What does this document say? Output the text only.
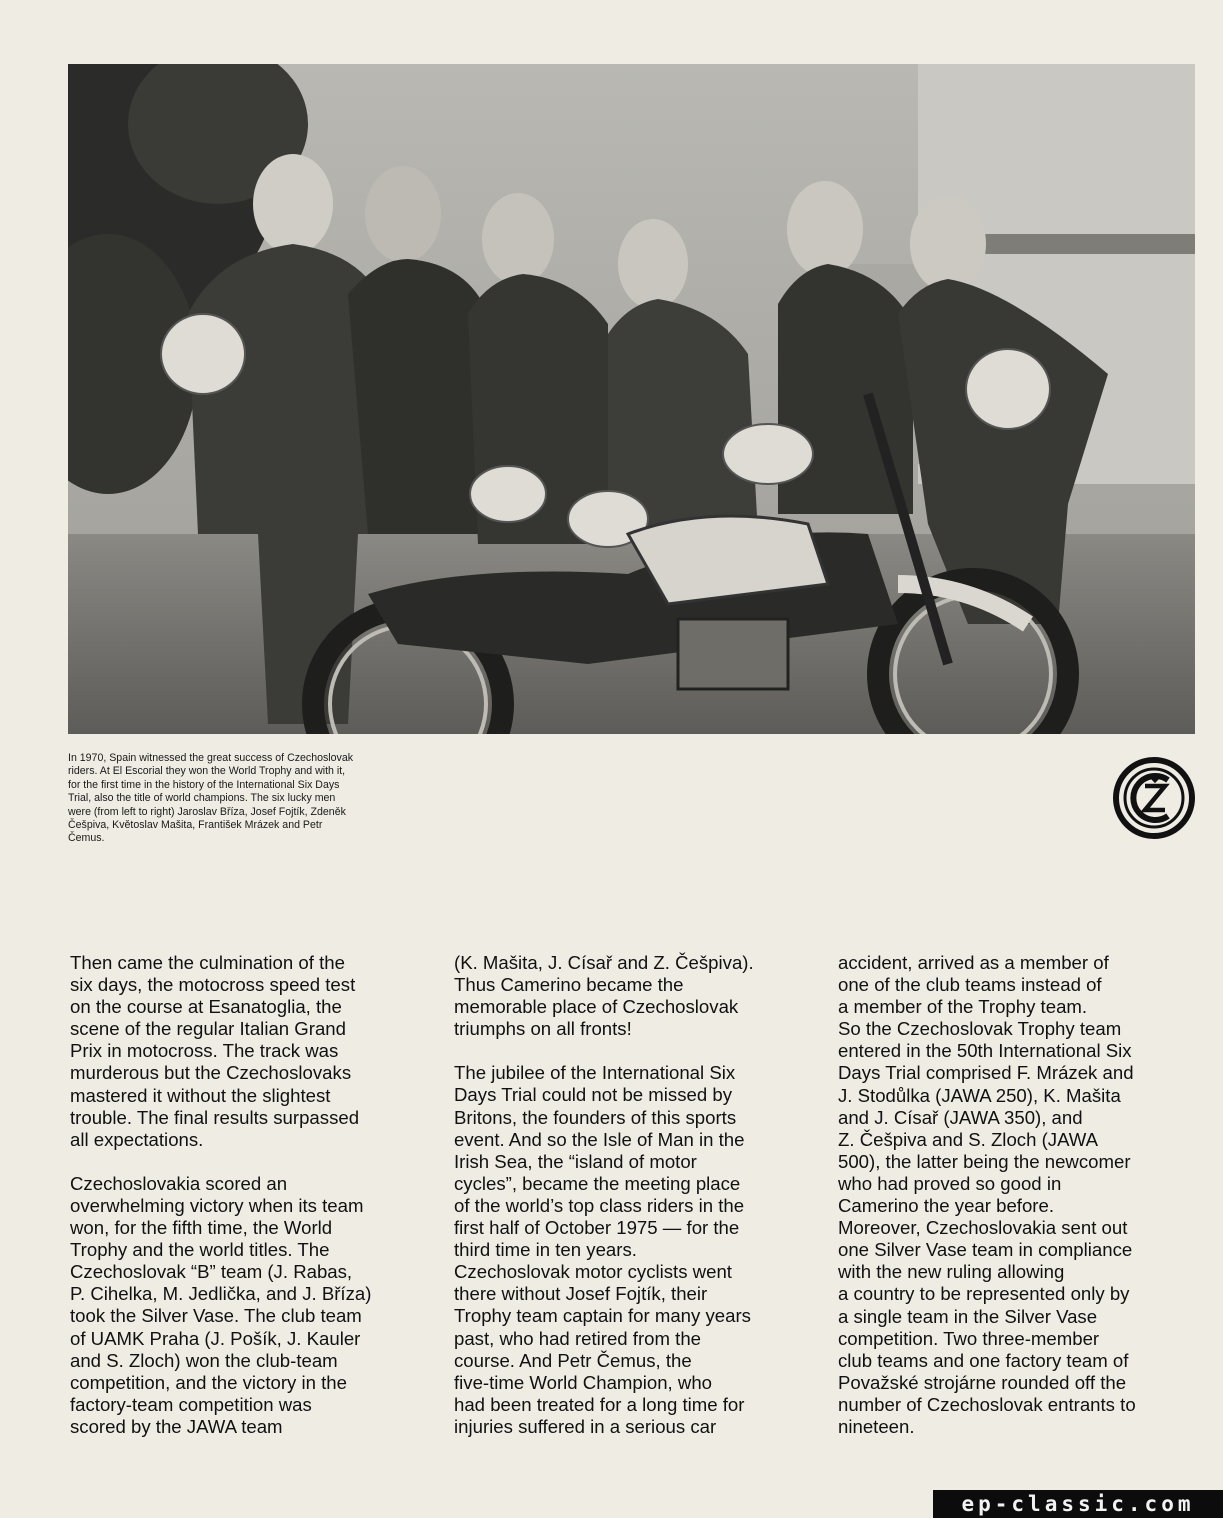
In 1970, Spain witnessed the great success of Czechoslovak
riders. At El Escorial they won the World Trophy and with it,
for the first time in the history of the International Six Days
Trial, also the title of world champions. The six lucky men
were (from left to right) Jaroslav Bříza, Josef Fojtík, Zdeněk
Češpiva, Květoslav Mašita, František Mrázek and Petr
Čemus.

Then came the culmination of the
six days, the motocross speed test
on the course at Esanatoglia, the
scene of the regular Italian Grand
Prix in motocross. The track was
murderous but the Czechoslovaks
mastered it without the slightest
trouble. The final results surpassed
all expectations.

Czechoslovakia scored an
overwhelming victory when its team
won, for the fifth time, the World
Trophy and the world titles. The
Czechoslovak “B” team (J. Rabas,
P. Cihelka, M. Jedlička, and J. Bříza)
took the Silver Vase. The club team
of UAMK Praha (J. Pošík, J. Kauler
and S. Zloch) won the club-team
competition, and the victory in the
factory-team competition was
scored by the JAWA team

(K. Mašita, J. Císař and Z. Češpiva).
Thus Camerino became the
memorable place of Czechoslovak
triumphs on all fronts!

The jubilee of the International Six
Days Trial could not be missed by
Britons, the founders of this sports
event. And so the Isle of Man in the
Irish Sea, the “island of motor
cycles”, became the meeting place
of the world’s top class riders in the
first half of October 1975 — for the
third time in ten years.
Czechoslovak motor cyclists went
there without Josef Fojtík, their
Trophy team captain for many years
past, who had retired from the
course. And Petr Čemus, the
five-time World Champion, who
had been treated for a long time for
injuries suffered in a serious car

accident, arrived as a member of
one of the club teams instead of
a member of the Trophy team.
So the Czechoslovak Trophy team
entered in the 50th International Six
Days Trial comprised F. Mrázek and
J. Stodůlka (JAWA 250), K. Mašita
and J. Císař (JAWA 350), and
Z. Češpiva and S. Zloch (JAWA
500), the latter being the newcomer
who had proved so good in
Camerino the year before.
Moreover, Czechoslovakia sent out
one Silver Vase team in compliance
with the new ruling allowing
a country to be represented only by
a single team in the Silver Vase
competition. Two three-member
club teams and one factory team of
Považské strojárne rounded off the
number of Czechoslovak entrants to
nineteen.

ep-classic.com
